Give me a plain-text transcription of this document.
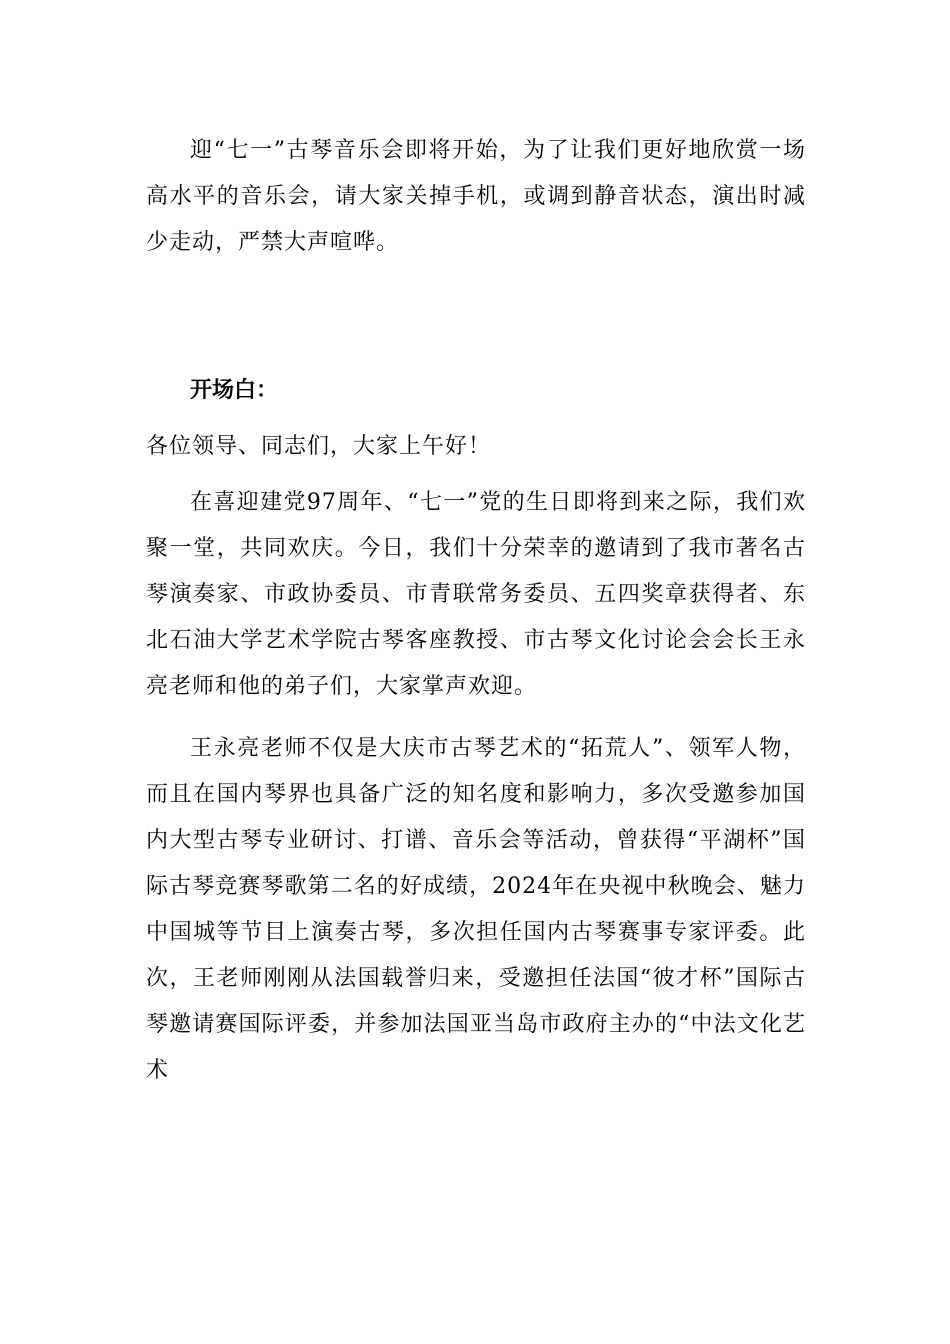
迎“七一”古琴音乐会即将开始，为了让我们更好地欣赏一场高水平的音乐会，请大家关掉手机，或调到静音状态，演出时减少走动，严禁大声喧哗。

开场白：

各位领导、同志们，大家上午好！

在喜迎建党97周年、“七一”党的生日即将到来之际，我们欢聚一堂，共同欢庆。今日，我们十分荣幸的邀请到了我市著名古琴演奏家、市政协委员、市青联常务委员、五四奖章获得者、东北石油大学艺术学院古琴客座教授、市古琴文化讨论会会长王永亮老师和他的弟子们，大家掌声欢迎。

王永亮老师不仅是大庆市古琴艺术的“拓荒人”、领军人物，而且在国内琴界也具备广泛的知名度和影响力，多次受邀参加国内大型古琴专业研讨、打谱、音乐会等活动，曾获得“平湖杯”国际古琴竞赛琴歌第二名的好成绩，2024年在央视中秋晚会、魅力中国城等节目上演奏古琴，多次担任国内古琴赛事专家评委。此次，王老师刚刚从法国载誉归来，受邀担任法国“彼才杯”国际古琴邀请赛国际评委，并参加法国亚当岛市政府主办的“中法文化艺术
